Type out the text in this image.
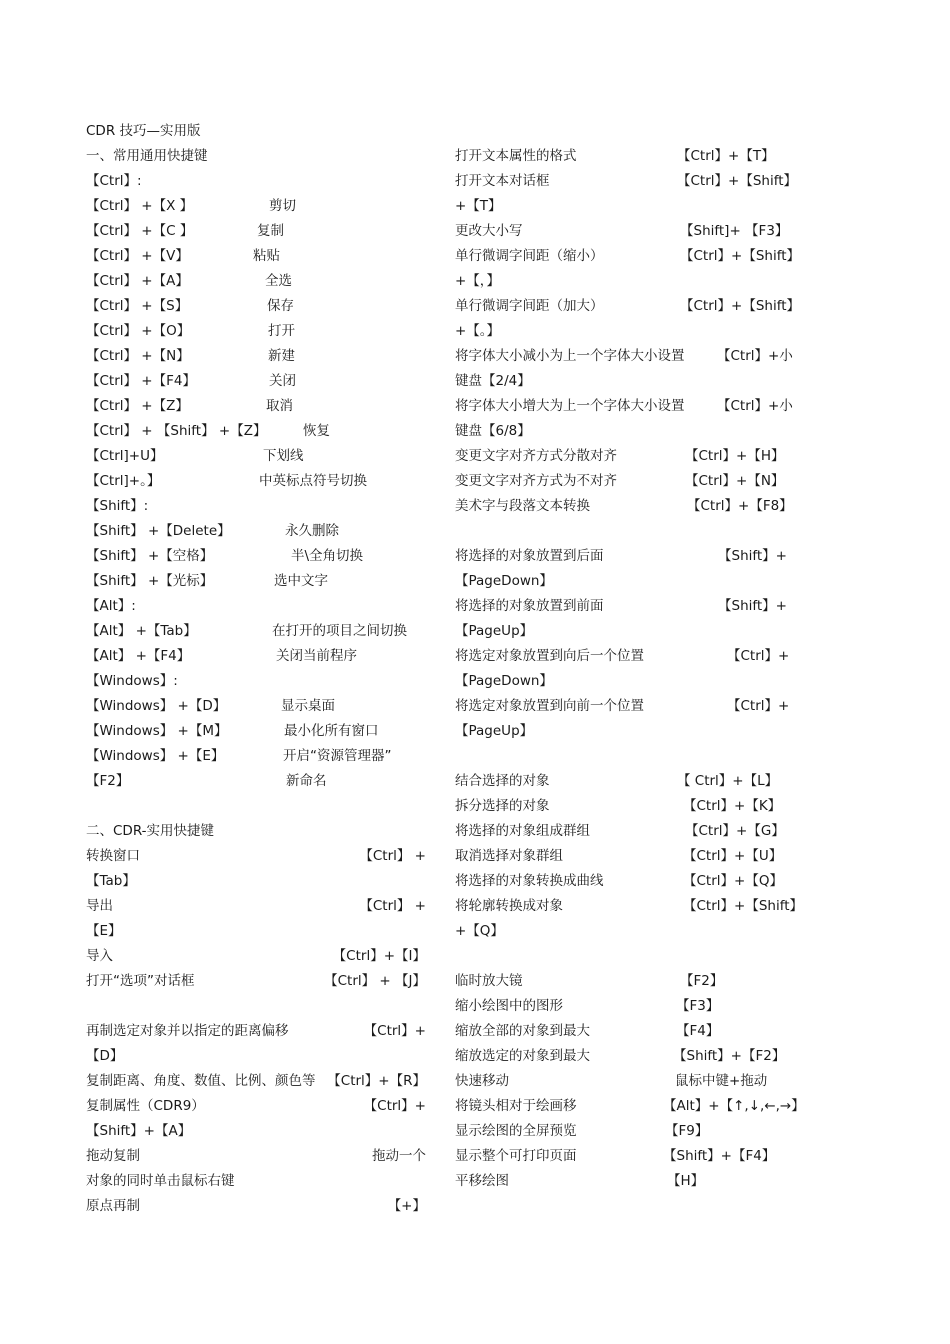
CDR 技巧—实用版
一、常用通用快捷键
【Ctrl】:
【Ctrl】 +【X 】	剪切
【Ctrl】 +【C 】	复制
【Ctrl】 +【V】	粘贴
【Ctrl】 +【A】	全选
【Ctrl】 +【S】	保存
【Ctrl】 +【O】	打开
【Ctrl】 +【N】	新建
【Ctrl】 +【F4】	关闭
【Ctrl】 +【Z】	取消
【Ctrl】 + 【Shift】 +【Z】	恢复
【Ctrl]+U】	下划线
【Ctrl]+。】	中英标点符号切换
【Shift】:
【Shift】 +【Delete】	永久删除
【Shift】 +【空格】	半\全角切换
【Shift】 +【光标】	选中文字
【Alt】:
【Alt】 +【Tab】	在打开的项目之间切换
【Alt】 +【F4】	关闭当前程序
【Windows】:
【Windows】 +【D】	显示桌面
【Windows】 +【M】	最小化所有窗口
【Windows】 +【E】	开启“资源管理器”
【F2】	新命名
二、CDR-实用快捷键
转换窗口	【Ctrl】 +
【Tab】
导出	【Ctrl】 +
【E】
导入	【Ctrl】+【I】
打开“选项”对话框	【Ctrl】 + 【J】
再制选定对象并以指定的距离偏移	【Ctrl】+
【D】
复制距离、角度、数值、比例、颜色等 【Ctrl】+【R】
复制属性（CDR9）	【Ctrl】+
【Shift】+【A】
拖动复制	拖动一个
对象的同时单击鼠标右键
原点再制	【+】
打开文本属性的格式	【Ctrl】+【T】
打开文本对话框	【Ctrl】+【Shift】
+【T】
更改大小写	【Shift]+ 【F3】
单行微调字间距（缩小）	【Ctrl】+【Shift】
+【，】
单行微调字间距（加大）	【Ctrl】+【Shift】
+【。】
将字体大小减小为上一个字体大小设置 【Ctrl】+小
键盘【2/4】
将字体大小增大为上一个字体大小设置 【Ctrl】+小
键盘【6/8】
变更文字对齐方式分散对齐	【Ctrl】+【H】
变更文字对齐方式为不对齐	【Ctrl】+【N】
美术字与段落文本转换	【Ctrl】+【F8】
将选择的对象放置到后面	【Shift】+
【PageDown】
将选择的对象放置到前面	【Shift】+
【PageUp】
将选定对象放置到向后一个位置	【Ctrl】+
【PageDown】
将选定对象放置到向前一个位置	【Ctrl】+
【PageUp】
结合选择的对象	【 Ctrl】+【L】
拆分选择的对象	【Ctrl】+【K】
将选择的对象组成群组	【Ctrl】+【G】
取消选择对象群组	【Ctrl】+【U】
将选择的对象转换成曲线	【Ctrl】+【Q】
将轮廓转换成对象	【Ctrl】+【Shift】
+【Q】
临时放大镜	【F2】
缩小绘图中的图形	【F3】
缩放全部的对象到最大	【F4】
缩放选定的对象到最大	【Shift】+【F2】
快速移动	鼠标中键+拖动
将镜头相对于绘画移	【Alt】+【↑,↓,←,→】
显示绘图的全屏预览	【F9】
显示整个可打印页面	【Shift】+【F4】
平移绘图	【H】
